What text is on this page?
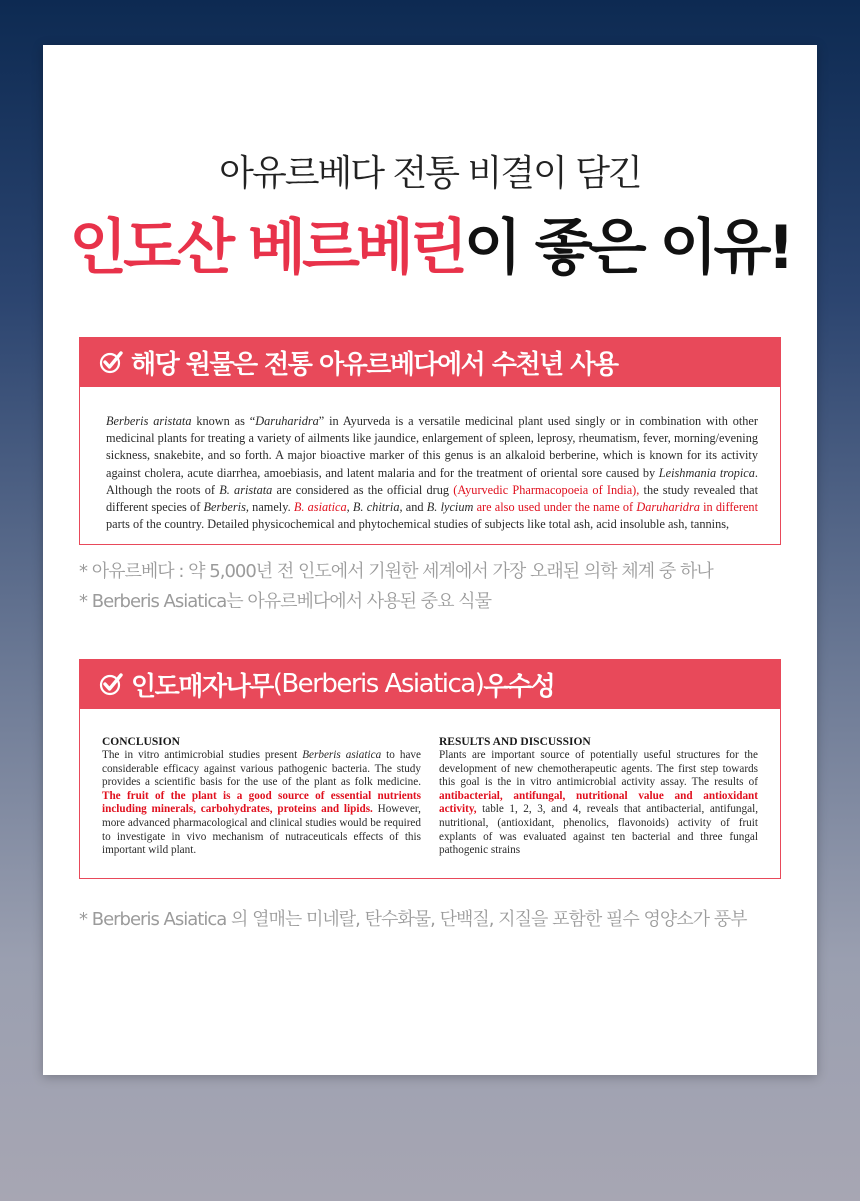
아유르베다 전통 비결이 담긴
인도산 베르베린이 좋은 이유!
해당 원물은 전통 아유르베다에서 수천년 사용

Berberis aristata known as “Daruharidra” in Ayurveda is a versatile medicinal plant used singly or in combination with other medicinal plants for treating a variety of ailments like jaundice, enlargement of spleen, leprosy, rheumatism, fever, morning/evening sickness, snakebite, and so forth. A major bioactive marker of this genus is an alkaloid berberine, which is known for its activity against cholera, acute diarrhea, amoebiasis, and latent malaria and for the treatment of oriental sore caused by Leishmania tropica. Although the roots of B. aristata are considered as the official drug (Ayurvedic Pharmacopoeia of India), the study revealed that different species of Berberis, namely. B. asiatica, B. chitria, and B. lycium are also used under the name of Daruharidra in different parts of the country. Detailed physicochemical and phytochemical studies of subjects like total ash, acid insoluble ash, tannins,

* 아유르베다 : 약 5,000년 전 인도에서 기원한 세계에서 가장 오래된 의학 체계 중 하나
* Berberis Asiatica는 아유르베다에서 사용된 중요 식물
인도매자나무 (Berberis Asiatica) 우수성
CONCLUSION

The in vitro antimicrobial studies present Berberis asiatica to have considerable efficacy against various pathogenic bacteria. The study provides a scientific basis for the use of the plant as folk medicine. The fruit of the plant is a good source of essential nutrients including minerals, carbohydrates, proteins and lipids. However, more advanced pharmacological and clinical studies would be required to investigate in vivo mechanism of nutraceuticals effects of this important wild plant.

RESULTS AND DISCUSSION

Plants are important source of potentially useful structures for the development of new chemotherapeutic agents. The first step towards this goal is the in vitro antimicrobial activity assay. The results of antibacterial, antifungal, nutritional value and antioxidant activity, table 1, 2, 3, and 4, reveals that antibacterial, antifungal, nutritional, (antioxidant, phenolics, flavonoids) activity of fruit explants of was evaluated against ten bacterial and three fungal pathogenic strains

* Berberis Asiatica 의 열매는 미네랄, 탄수화물, 단백질, 지질을 포함한 필수 영양소가 풍부
